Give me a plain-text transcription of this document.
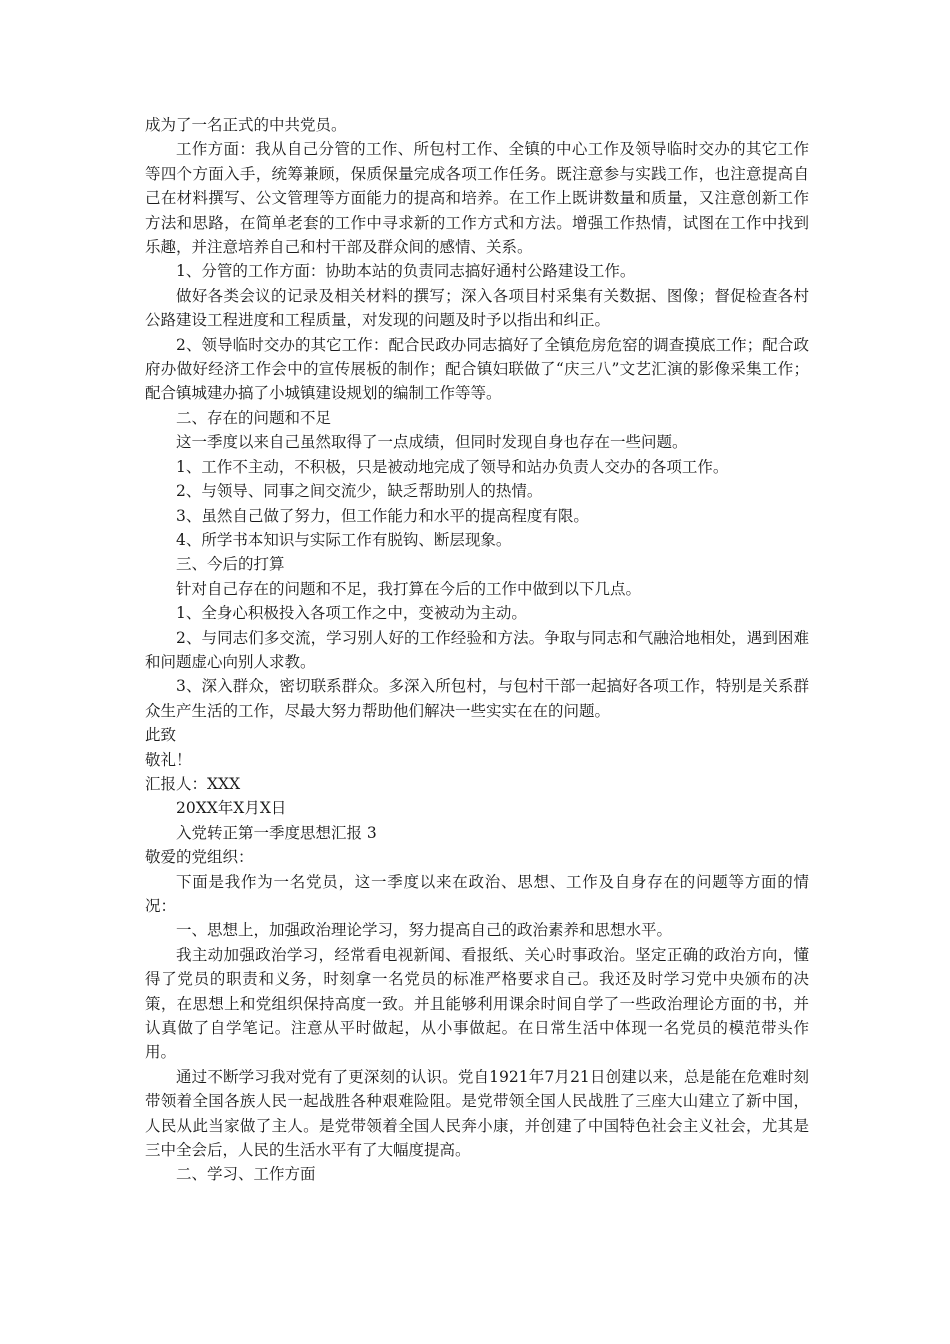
成为了一名正式的中共党员。

工作方面：我从自己分管的工作、所包村工作、全镇的中心工作及领导临时交办的其它工作等四个方面入手，统筹兼顾，保质保量完成各项工作任务。既注意参与实践工作，也注意提高自己在材料撰写、公文管理等方面能力的提高和培养。在工作上既讲数量和质量，又注意创新工作方法和思路，在简单老套的工作中寻求新的工作方式和方法。增强工作热情，试图在工作中找到乐趣，并注意培养自己和村干部及群众间的感情、关系。

1、分管的工作方面：协助本站的负责同志搞好通村公路建设工作。

做好各类会议的记录及相关材料的撰写；深入各项目村采集有关数据、图像；督促检查各村公路建设工程进度和工程质量，对发现的问题及时予以指出和纠正。

2、领导临时交办的其它工作：配合民政办同志搞好了全镇危房危窑的调查摸底工作；配合政府办做好经济工作会中的宣传展板的制作；配合镇妇联做了“庆三八”文艺汇演的影像采集工作；配合镇城建办搞了小城镇建设规划的编制工作等等。

二、存在的问题和不足

这一季度以来自己虽然取得了一点成绩，但同时发现自身也存在一些问题。

1、工作不主动，不积极，只是被动地完成了领导和站办负责人交办的各项工作。

2、与领导、同事之间交流少，缺乏帮助别人的热情。

3、虽然自己做了努力，但工作能力和水平的提高程度有限。

4、所学书本知识与实际工作有脱钩、断层现象。

三、今后的打算

针对自己存在的问题和不足，我打算在今后的工作中做到以下几点。

1、全身心积极投入各项工作之中，变被动为主动。

2、与同志们多交流，学习别人好的工作经验和方法。争取与同志和气融洽地相处，遇到困难和问题虚心向别人求教。

3、深入群众，密切联系群众。多深入所包村，与包村干部一起搞好各项工作，特别是关系群众生产生活的工作，尽最大努力帮助他们解决一些实实在在的问题。

此致

敬礼！

汇报人：XXX

20XX年X月X日

入党转正第一季度思想汇报 3

敬爱的党组织：

下面是我作为一名党员，这一季度以来在政治、思想、工作及自身存在的问题等方面的情况：

一、思想上，加强政治理论学习，努力提高自己的政治素养和思想水平。

我主动加强政治学习，经常看电视新闻、看报纸、关心时事政治。坚定正确的政治方向，懂得了党员的职责和义务，时刻拿一名党员的标准严格要求自己。我还及时学习党中央颁布的决策，在思想上和党组织保持高度一致。并且能够利用课余时间自学了一些政治理论方面的书，并认真做了自学笔记。注意从平时做起，从小事做起。在日常生活中体现一名党员的模范带头作用。

通过不断学习我对党有了更深刻的认识。党自1921年7月21日创建以来，总是能在危难时刻带领着全国各族人民一起战胜各种艰难险阻。是党带领全国人民战胜了三座大山建立了新中国，人民从此当家做了主人。是党带领着全国人民奔小康，并创建了中国特色社会主义社会，尤其是三中全会后，人民的生活水平有了大幅度提高。

二、学习、工作方面
